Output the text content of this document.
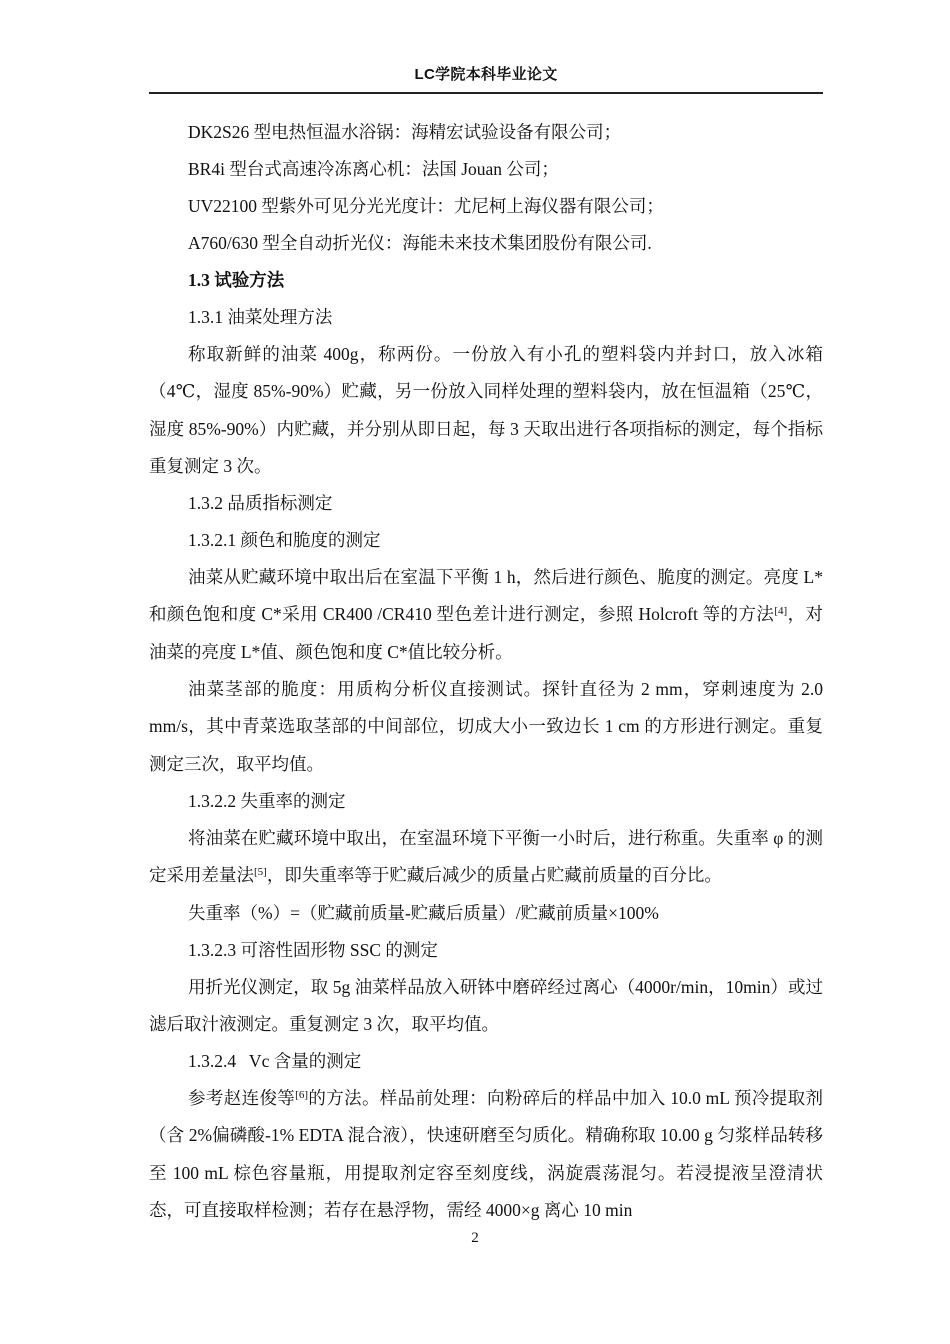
LC学院本科毕业论文
DK2S26 型电热恒温水浴锅：海精宏试验设备有限公司；
BR4i 型台式高速冷冻离心机：法国 Jouan 公司；
UV22100 型紫外可见分光光度计：尤尼柯上海仪器有限公司；
A760/630 型全自动折光仪：海能未来技术集团股份有限公司.
1.3 试验方法
1.3.1 油菜处理方法

称取新鲜的油菜 400g，称两份。一份放入有小孔的塑料袋内并封口，放入冰箱（4℃，湿度 85%-90%）贮藏，另一份放入同样处理的塑料袋内，放在恒温箱（25℃，湿度 85%-90%）内贮藏，并分别从即日起，每 3 天取出进行各项指标的测定，每个指标重复测定 3 次。

1.3.2 品质指标测定
1.3.2.1 颜色和脆度的测定

油菜从贮藏环境中取出后在室温下平衡 1 h，然后进行颜色、脆度的测定。亮度 L*和颜色饱和度 C*采用 CR400 /CR410 型色差计进行测定，参照 Holcroft 等的方法[4]，对油菜的亮度 L*值、颜色饱和度 C*值比较分析。

油菜茎部的脆度：用质构分析仪直接测试。探针直径为 2 mm，穿刺速度为 2.0 mm/s，其中青菜选取茎部的中间部位，切成大小一致边长 1 cm 的方形进行测定。重复测定三次，取平均值。

1.3.2.2 失重率的测定

将油菜在贮藏环境中取出，在室温环境下平衡一小时后，进行称重。失重率 φ 的测定采用差量法[5]，即失重率等于贮藏后减少的质量占贮藏前质量的百分比。

失重率（%）=（贮藏前质量-贮藏后质量）/贮藏前质量×100%
1.3.2.3 可溶性固形物 SSC 的测定

用折光仪测定，取 5g 油菜样品放入研钵中磨碎经过离心（4000r/min，10min）或过滤后取汁液测定。重复测定 3 次，取平均值。

1.3.2.4   Vc 含量的测定

参考赵连俊等[6]的方法。样品前处理：向粉碎后的样品中加入 10.0 mL 预冷提取剂（含 2%偏磷酸-1% EDTA 混合液），快速研磨至匀质化。精确称取 10.00 g 匀浆样品转移至 100 mL 棕色容量瓶，用提取剂定容至刻度线，涡旋震荡混匀。若浸提液呈澄清状态，可直接取样检测；若存在悬浮物，需经 4000×g 离心 10 min

2
